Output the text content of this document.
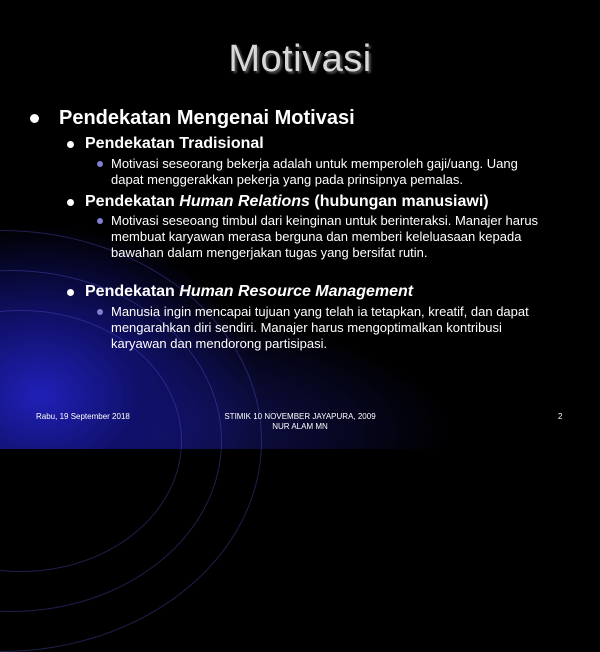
Motivasi
Pendekatan Mengenai Motivasi
Pendekatan Tradisional
Motivasi seseorang bekerja adalah untuk memperoleh gaji/uang. Uang dapat menggerakkan pekerja yang pada prinsipnya pemalas.
Pendekatan Human Relations (hubungan manusiawi)
Motivasi seseoang timbul dari keinginan untuk berinteraksi. Manajer harus membuat karyawan merasa berguna dan memberi keleluasaan kepada bawahan dalam mengerjakan tugas yang bersifat rutin.
Pendekatan Human Resource Management
Manusia ingin mencapai tujuan yang telah ia tetapkan, kreatif, dan dapat mengarahkan diri sendiri. Manajer harus mengoptimalkan kontribusi karyawan dan mendorong partisipasi.
Rabu, 19 September 2018	STIMIK 10 NOVEMBER JAYAPURA, 2009
NUR ALAM MN
2
